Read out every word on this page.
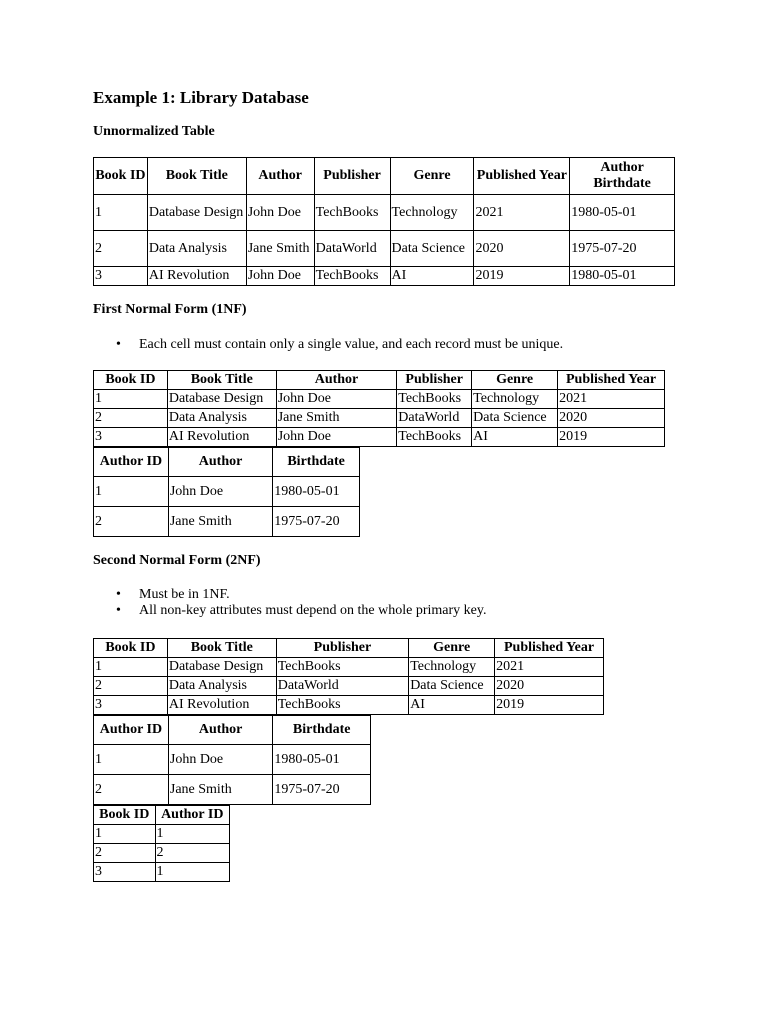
Example 1: Library Database
Unnormalized Table
Book ID	Book Title	Author	Publisher	Genre	Published Year	Author Birthdate
1	Database Design	John Doe	TechBooks	Technology	2021	1980-05-01
2	Data Analysis	Jane Smith	DataWorld	Data Science	2020	1975-07-20
3	AI Revolution	John Doe	TechBooks	AI	2019	1980-05-01
First Normal Form (1NF)
• Each cell must contain only a single value, and each record must be unique.
Book ID	Book Title	Author	Publisher	Genre	Published Year
1	Database Design	John Doe	TechBooks	Technology	2021
2	Data Analysis	Jane Smith	DataWorld	Data Science	2020
3	AI Revolution	John Doe	TechBooks	AI	2019
Author ID	Author	Birthdate
1	John Doe	1980-05-01
2	Jane Smith	1975-07-20
Second Normal Form (2NF)
• Must be in 1NF.
• All non-key attributes must depend on the whole primary key.
Book ID	Book Title	Publisher	Genre	Published Year
1	Database Design	TechBooks	Technology	2021
2	Data Analysis	DataWorld	Data Science	2020
3	AI Revolution	TechBooks	AI	2019
Author ID	Author	Birthdate
1	John Doe	1980-05-01
2	Jane Smith	1975-07-20
Book ID	Author ID
1	1
2	2
3	1
